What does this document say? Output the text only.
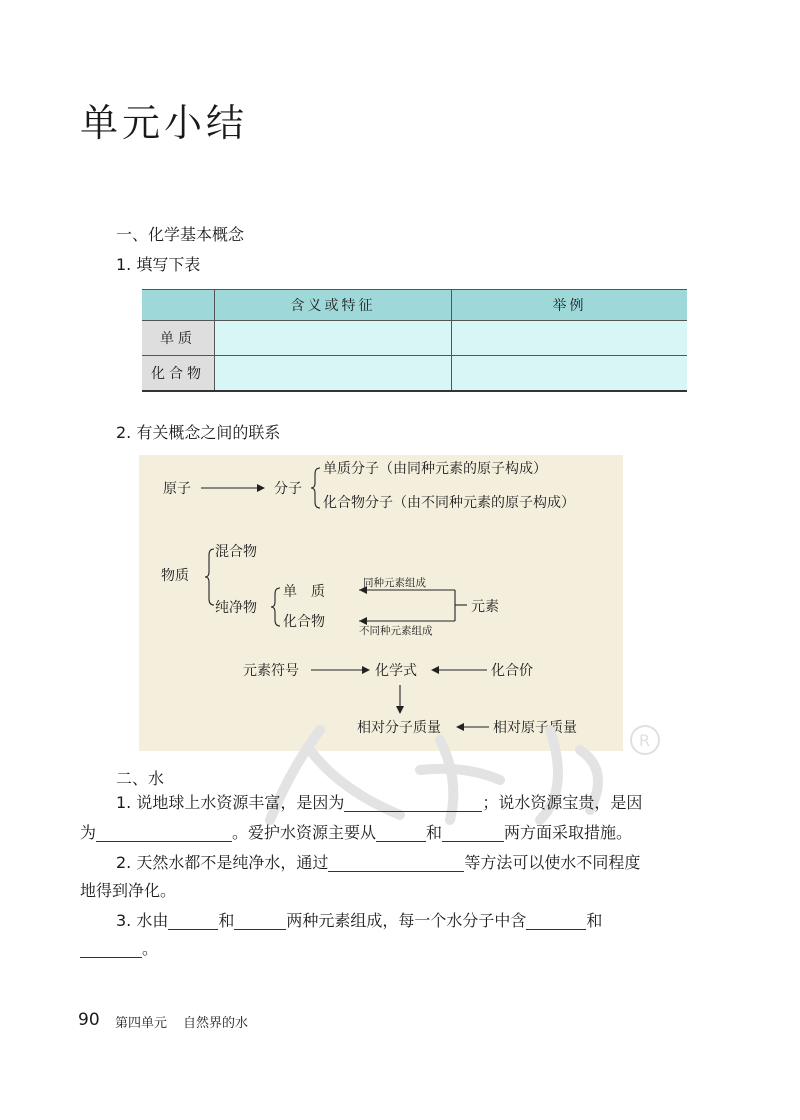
单元小结
一、化学基本概念
1. 填写下表
	含义或特征	举例
单质		
化合物		
2. 有关概念之间的联系
原子	分子
单质分子（由同种元素的原子构成）
化合物分子（由不同种元素的原子构成）
物质
混合物
纯净物
单　质
化合物
元素
同种元素组成
不同种元素组成
元素符号	化学式	化合价
相对分子质量	相对原子质量
R
二、水
1. 说地球上水资源丰富，是因为	；说水资源宝贵，是因
为	。爱护水资源主要从	和	两方面采取措施。
2. 天然水都不是纯净水，通过	等方法可以使水不同程度
地得到净化。
3. 水由	和	两种元素组成，每一个水分子中含	和
。
90 第四单元 自然界的水
